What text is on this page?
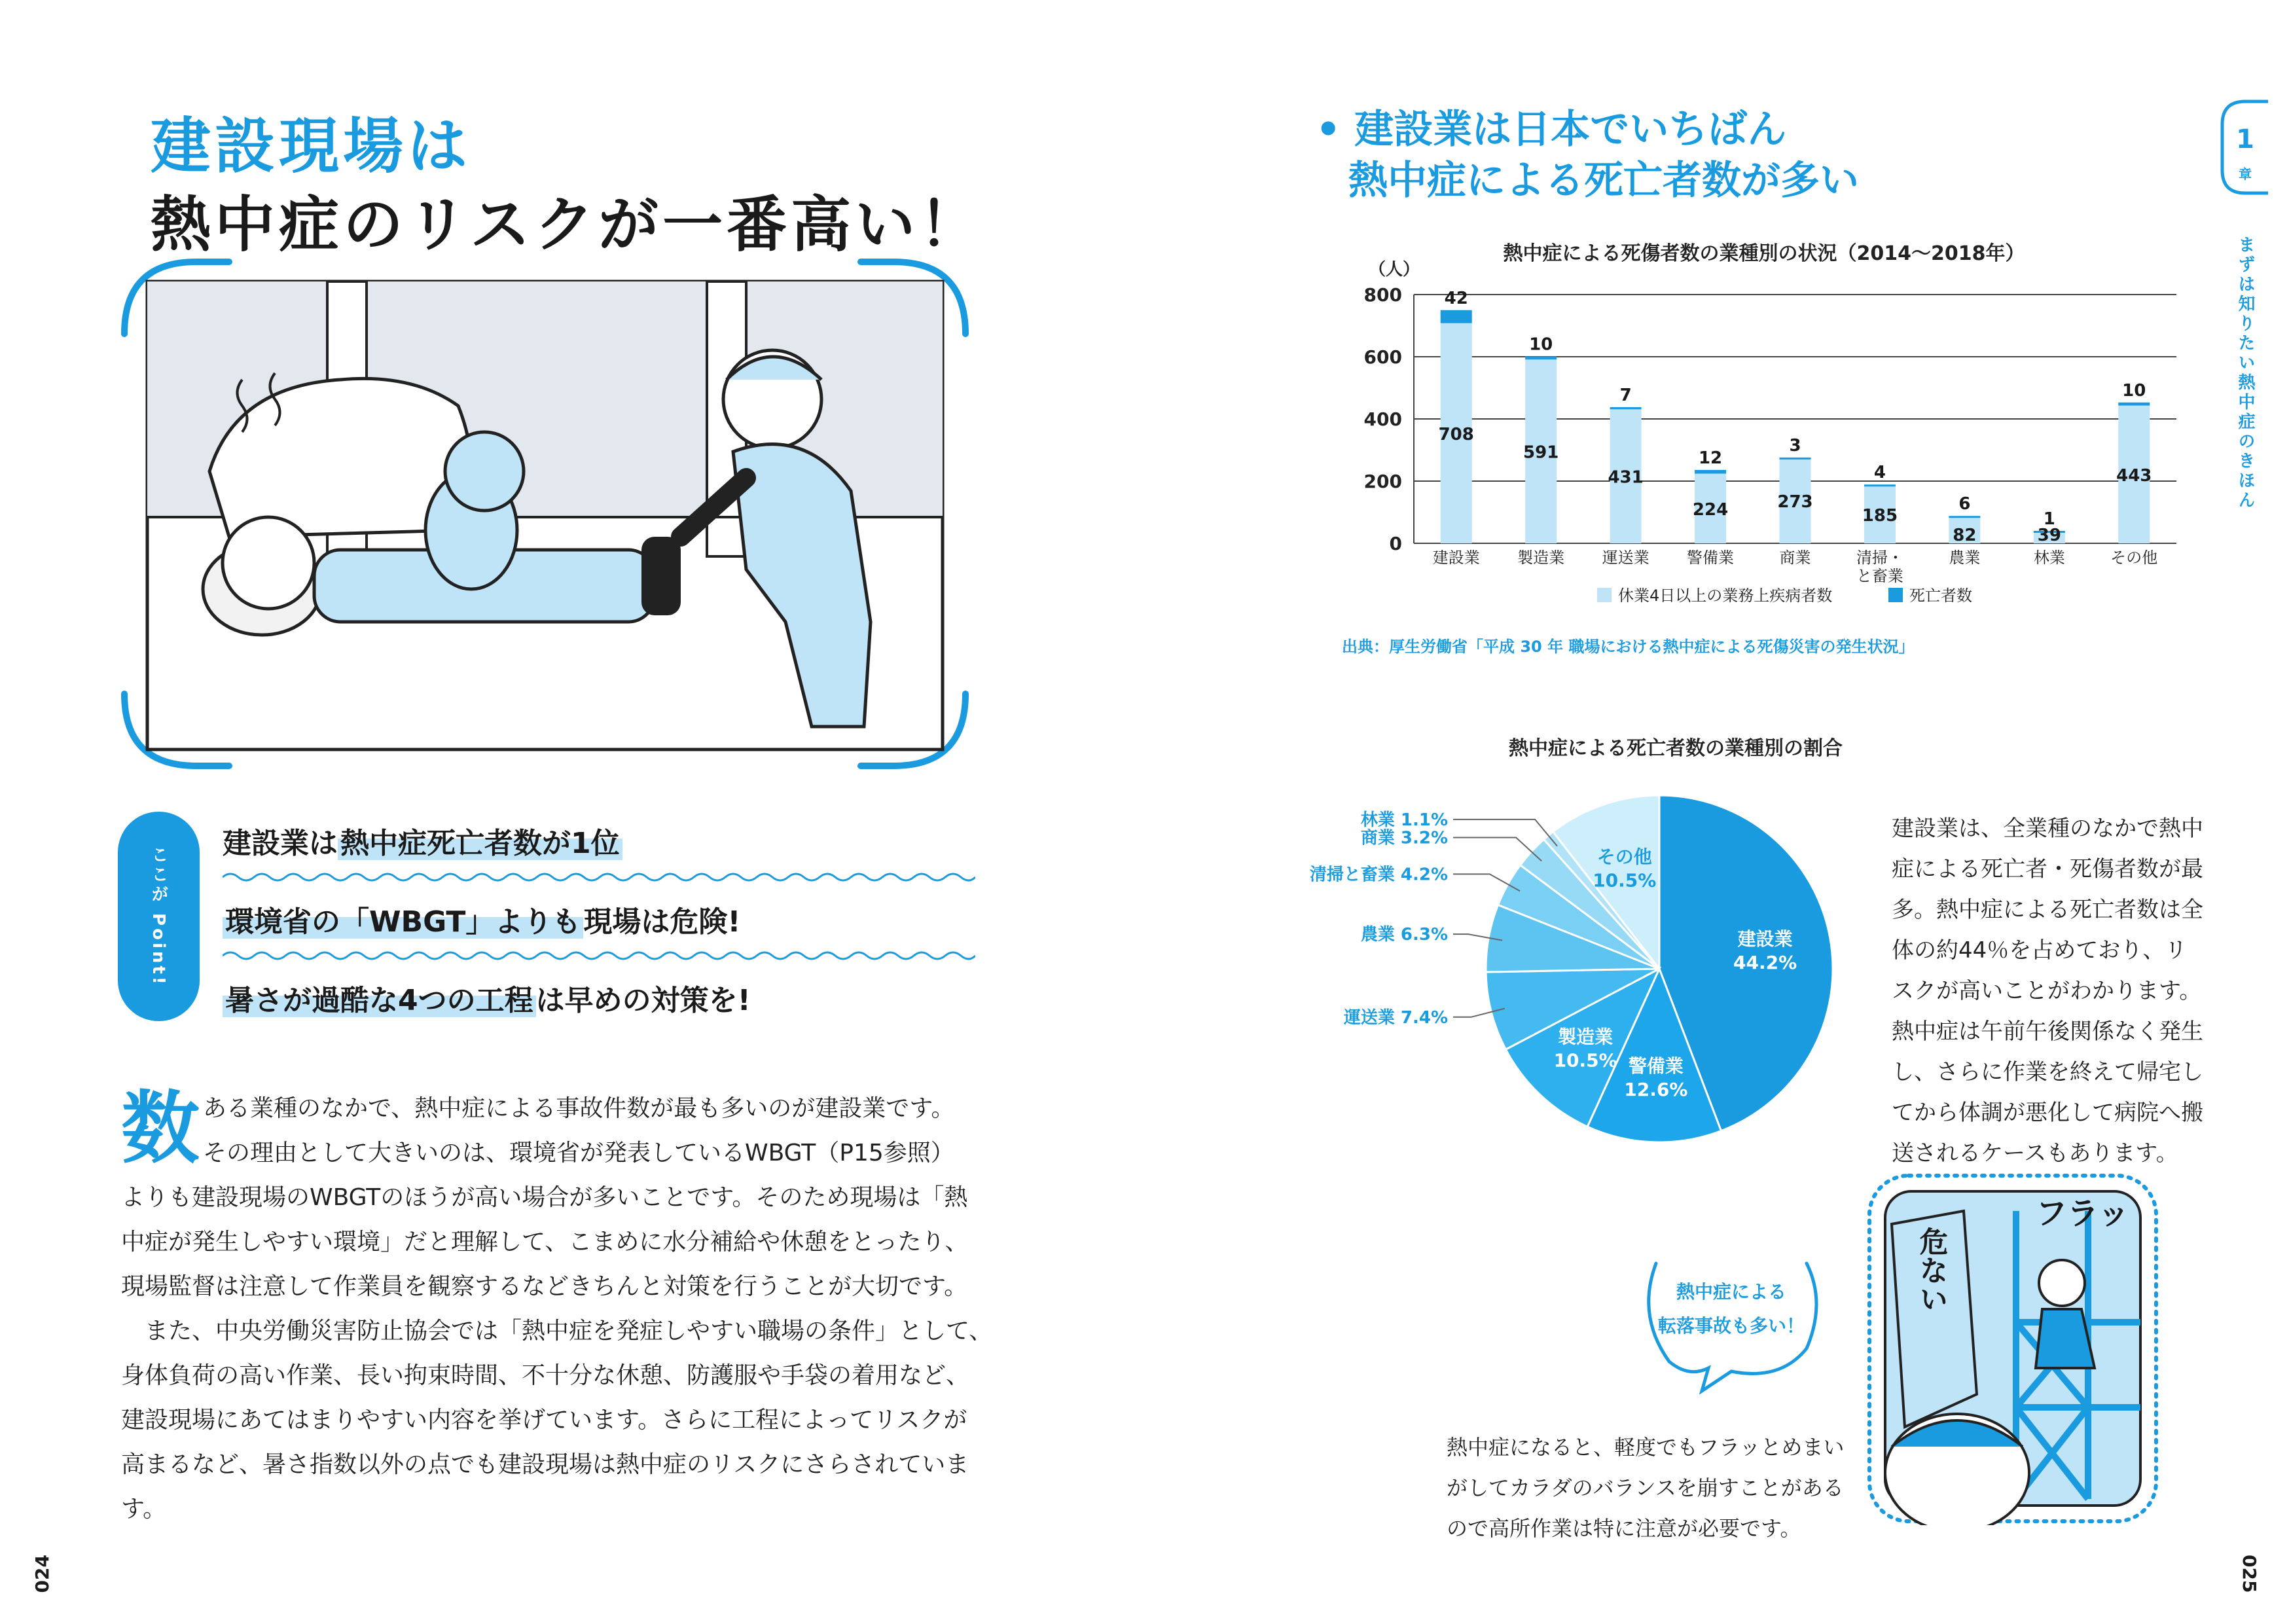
建設現場は
熱中症のリスクが一番高い！
ここが Point!
建設業は熱中症死亡者数が1位
環境省の「WBGT」よりも現場は危険!
暑さが過酷な4つの工程は早めの対策を!
数 ある業種のなかで、熱中症による事故件数が最も多いのが建設業です。
その理由として大きいのは、環境省が発表しているWBGT（P15参照）
よりも建設現場のWBGTのほうが高い場合が多いことです。そのため現場は「熱
中症が発生しやすい環境」だと理解して、こまめに水分補給や休憩をとったり、
現場監督は注意して作業員を観察するなどきちんと対策を行うことが大切です。
　また、中央労働災害防止協会では「熱中症を発症しやすい職場の条件」として、
身体負荷の高い作業、長い拘束時間、不十分な休憩、防護服や手袋の着用など、
建設現場にあてはまりやすい内容を挙げています。さらに工程によってリスクが
高まるなど、暑さ指数以外の点でも建設現場は熱中症のリスクにさらされていま
す。
024
• 建設業は日本でいちばん
熱中症による死亡者数が多い
熱中症による死傷者数の業種別の状況（2014～2018年）
（人）
0
200
400
600
800 42
708
建設業
10
591
製造業
7
431
運送業
12
224
警備業
3
273
商業
4
185
清掃・
と畜業
6
82
農業
1
39
林業
10
443
その他
休業4日以上の業務上疾病者数	死亡者数
出典：厚生労働省「平成 30 年 職場における熱中症による死傷災害の発生状況」
熱中症による死亡者数の業種別の割合
建設業
44.2%
警備業
12.6%
製造業
10.5%
運送業 7.4%
農業 6.3%
清掃と畜業 4.2%
商業 3.2%
林業 1.1%
その他
10.5%
建設業は、全業種のなかで熱中
症による死亡者・死傷者数が最
多。熱中症による死亡者数は全
体の約44％を占めており、リ
スクが高いことがわかります。
熱中症は午前午後関係なく発生
し、さらに作業を終えて帰宅し
てから体調が悪化して病院へ搬
送されるケースもあります。
熱中症による
転落事故も多い！
熱中症になると、軽度でもフラッとめまい
がしてカラダのバランスを崩すことがある
ので高所作業は特に注意が必要です。
危ない
フラッ
1
章
まずは知りたい熱中症のきほん
025
